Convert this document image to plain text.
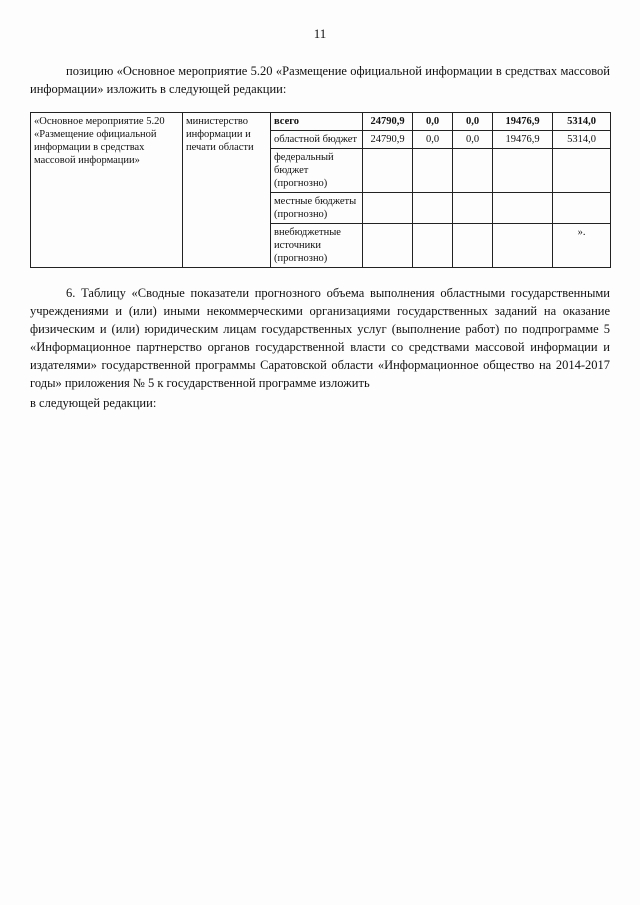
11

позицию «Основное мероприятие 5.20 «Размещение официальной информации в средствах массовой информации» изложить в следующей редакции:

«Основное мероприятие 5.20 «Размещение официальной информации в средствах массовой информации»	министерство информации и печати области	всего	24790,9	0,0	0,0	19476,9	5314,0
		областной бюджет	24790,9	0,0	0,0	19476,9	5314,0
		федеральный бюджет (прогнозно)					
		местные бюджеты (прогнозно)					
		внебюджетные источники (прогнозно)					».

6. Таблицу «Сводные показатели прогнозного объема выполнения областными государственными учреждениями и (или) иными некоммерческими организациями государственных заданий на оказание физическим и (или) юридическим лицам государственных услуг (выполнение работ) по подпрограмме 5 «Информационное партнерство органов государственной власти со средствами массовой информации и издателями» государственной программы Саратовской области «Информационное общество на 2014-2017 годы» приложения № 5 к государственной программе изложить

в следующей редакции:
